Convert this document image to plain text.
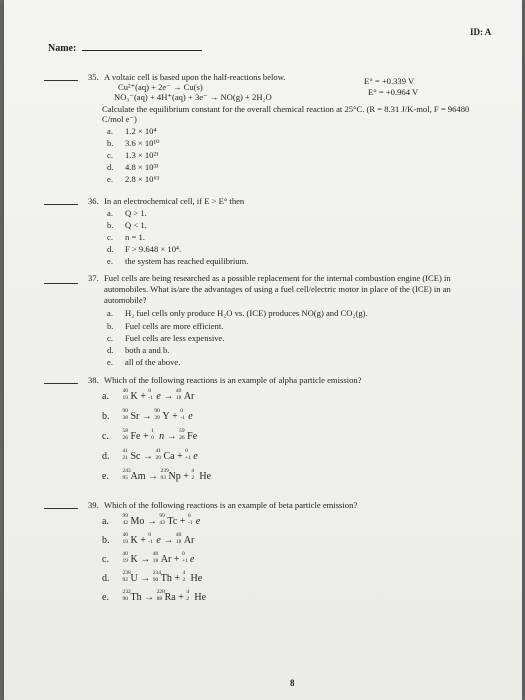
ID: A
Name:
35. A voltaic cell is based upon the half-reactions below.	E° = +0.339 V
Cu²⁺(aq) + 2e⁻ → Cu(s)	E° = +0.964 V
NO₃⁻(aq) + 4H⁺(aq) + 3e⁻ → NO(g) + 2H₂O
Calculate the equilibrium constant for the overall chemical reaction at 25°C. (R = 8.31 J/K-mol, F = 96480
C/mol e⁻)
a. 1.2 × 10⁴
b. 3.6 × 10¹⁰
c. 1.3 × 10²¹
d. 4.8 × 10³¹
e. 2.8 × 10⁶³
36. In an electrochemical cell, if E > E° then
a. Q > 1.
b. Q < 1.
c. n = 1.
d. F > 9.648 × 10⁴.
e. the system has reached equilibrium.
37. Fuel cells are being researched as a possible replacement for the internal combustion engine (ICE) in
automobiles. What is/are the advantages of using a fuel cell/electric motor in place of the (ICE) in an
automobile?
a. H₂ fuel cells only produce H₂O vs. (ICE) produces NO(g) and CO₂(g).
b. Fuel cells are more efficient.
c. Fuel cells are less expensive.
d. both a and b.
e. all of the above.
38. Which of the following reactions is an example of alpha particle emission?
a. 40
19 K + 0
-1 e → 40
18 Ar
b. 90
38 Sr → 90
39 Y + 0
-1 e
c. 58
26 Fe + 1
0 n → 59
26 Fe
d. 41
21 Sc → 41
20 Ca + 0
+1 e
e. 243
95 Am → 239
93 Np + 4
2 He
39. Which of the following reactions is an example of beta particle emission?
a. 99
42 Mo → 99
43 Tc + 0
-1 e
b. 40
19 K + 0
-1 e → 40
18 Ar
c. 40
19 K → 40
18 Ar + 0
+1 e
d. 238
92 U → 234
90 Th + 4
2 He
e. 232
90 Th → 228
88 Ra + 4
2 He
8
